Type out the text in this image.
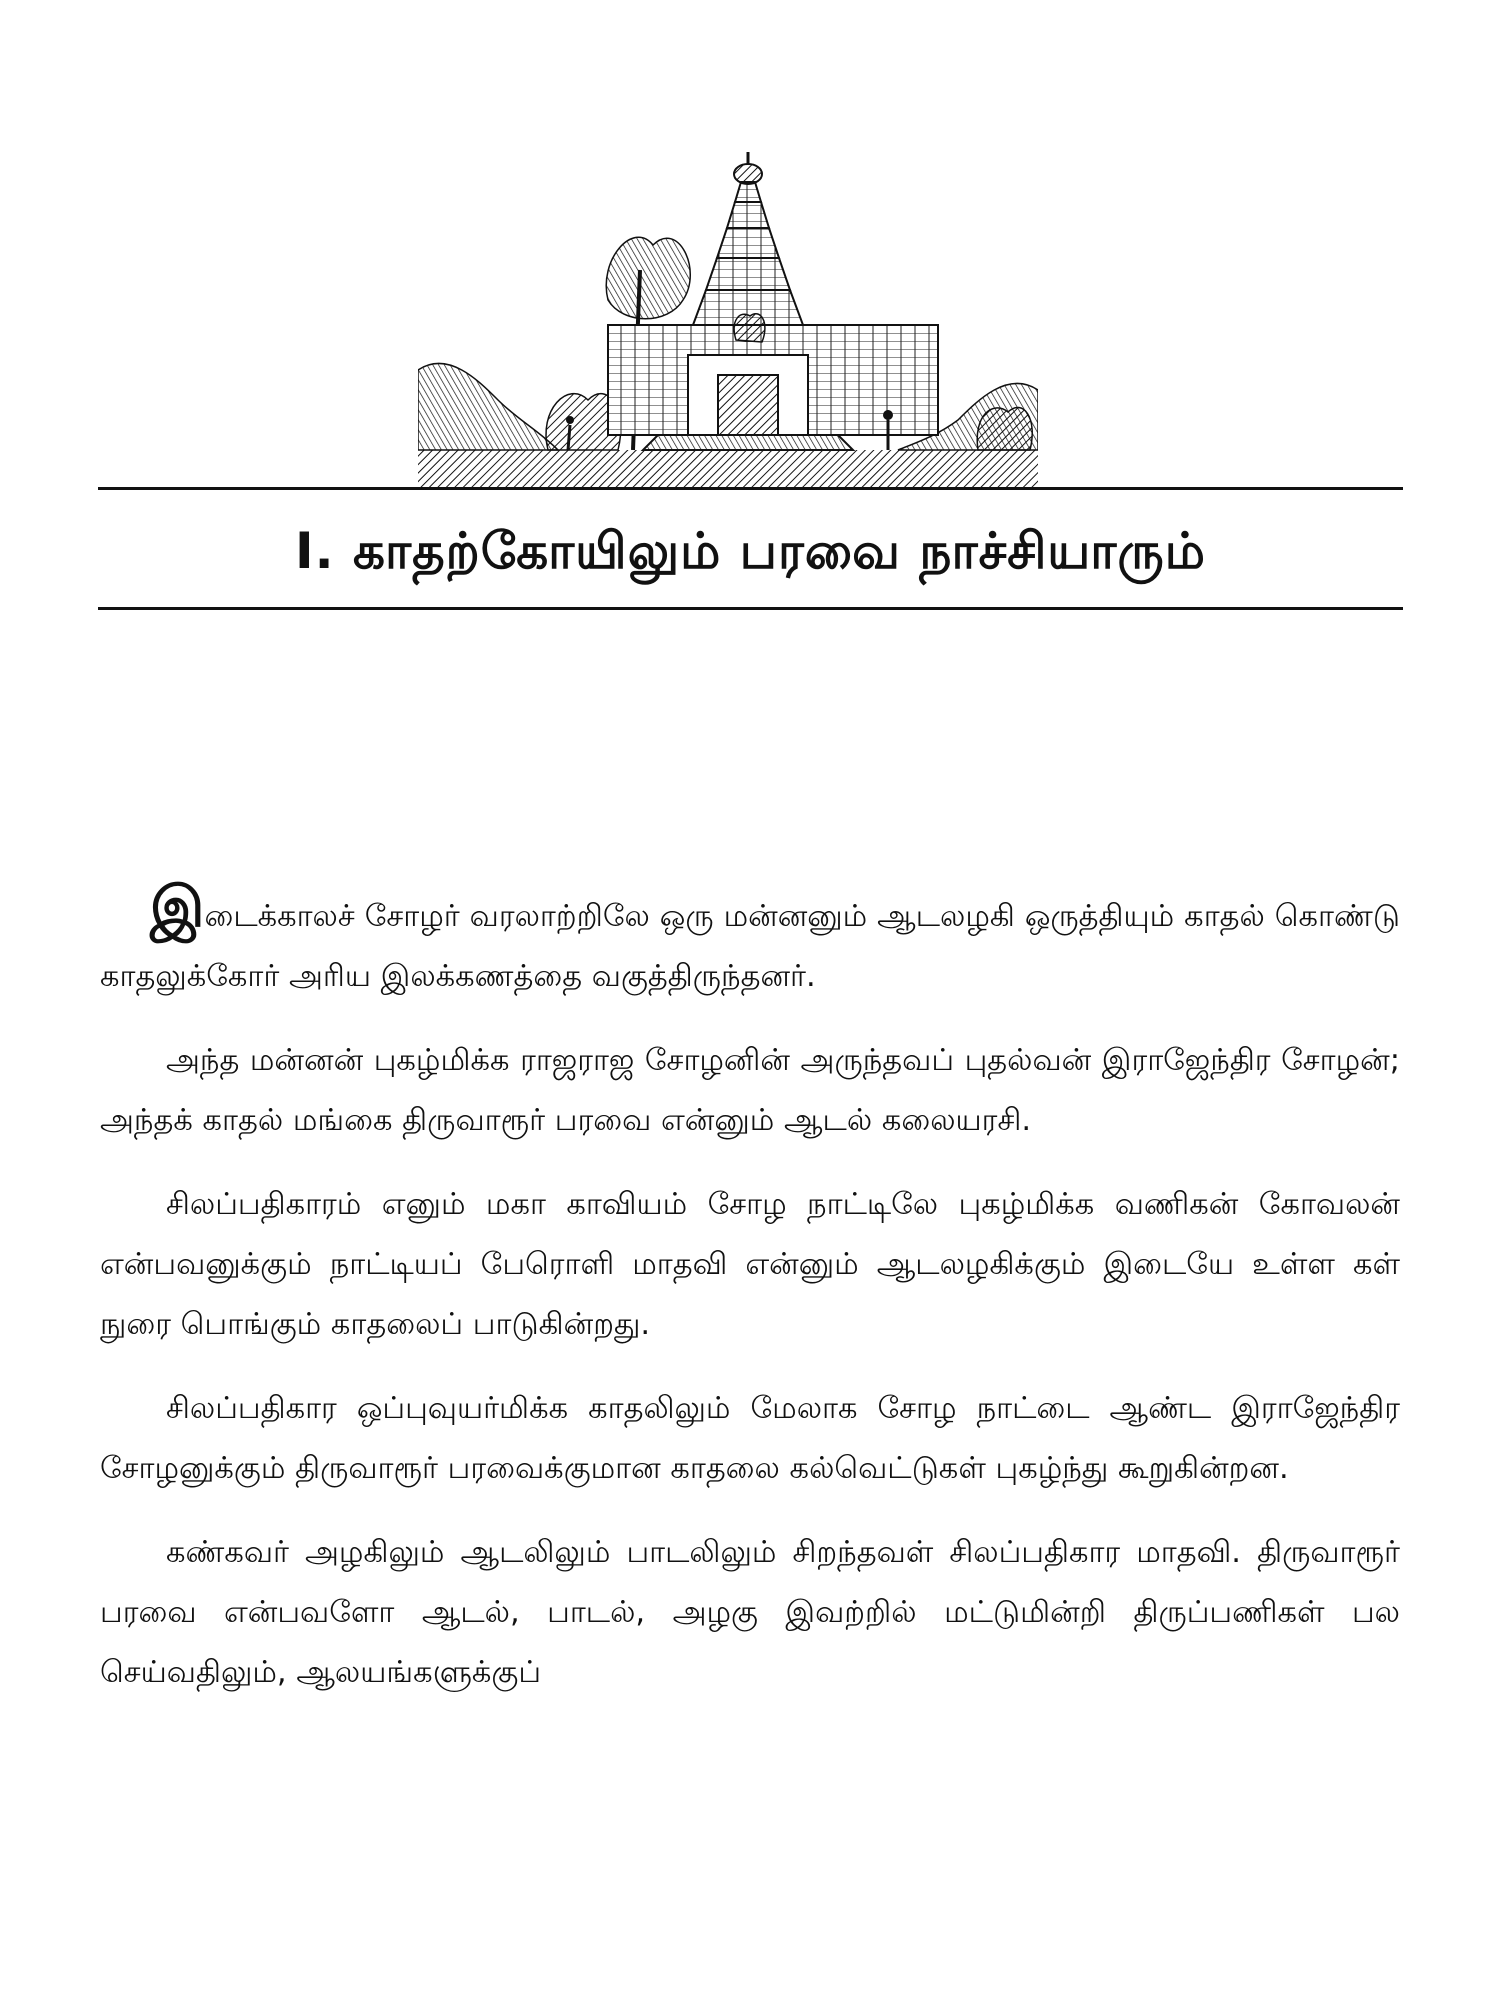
I. காதற்கோயிலும் பரவை நாச்சியாரும்

இடைக்காலச் சோழர் வரலாற்றிலே ஒரு மன்னனும் ஆடலழகி ஒருத்தியும் காதல் கொண்டு காதலுக்கோர் அரிய இலக்கணத்தை வகுத்திருந்தனர்.

அந்த மன்னன் புகழ்மிக்க ராஜராஜ சோழனின் அருந்தவப் புதல்வன் இராஜேந்திர சோழன்; அந்தக் காதல் மங்கை திருவாரூர் பரவை என்னும் ஆடல் கலையரசி.

சிலப்பதிகாரம் எனும் மகா காவியம் சோழ நாட்டிலே புகழ்மிக்க வணிகன் கோவலன் என்பவனுக்கும் நாட்டியப் பேரொளி மாதவி என்னும் ஆடலழகிக்கும் இடையே உள்ள கள் நுரை பொங்கும் காதலைப் பாடுகின்றது.

சிலப்பதிகார ஒப்புவுயர்மிக்க காதலிலும் மேலாக சோழ நாட்டை ஆண்ட இராஜேந்திர சோழனுக்கும் திருவாரூர் பரவைக்குமான காதலை கல்வெட்டுகள் புகழ்ந்து கூறுகின்றன.

கண்கவர் அழகிலும் ஆடலிலும் பாடலிலும் சிறந்தவள் சிலப்பதிகார மாதவி. திருவாரூர் பரவை என்பவளோ ஆடல், பாடல், அழகு இவற்றில் மட்டுமின்றி திருப்பணிகள் பல செய்வதிலும், ஆலயங்களுக்குப்
